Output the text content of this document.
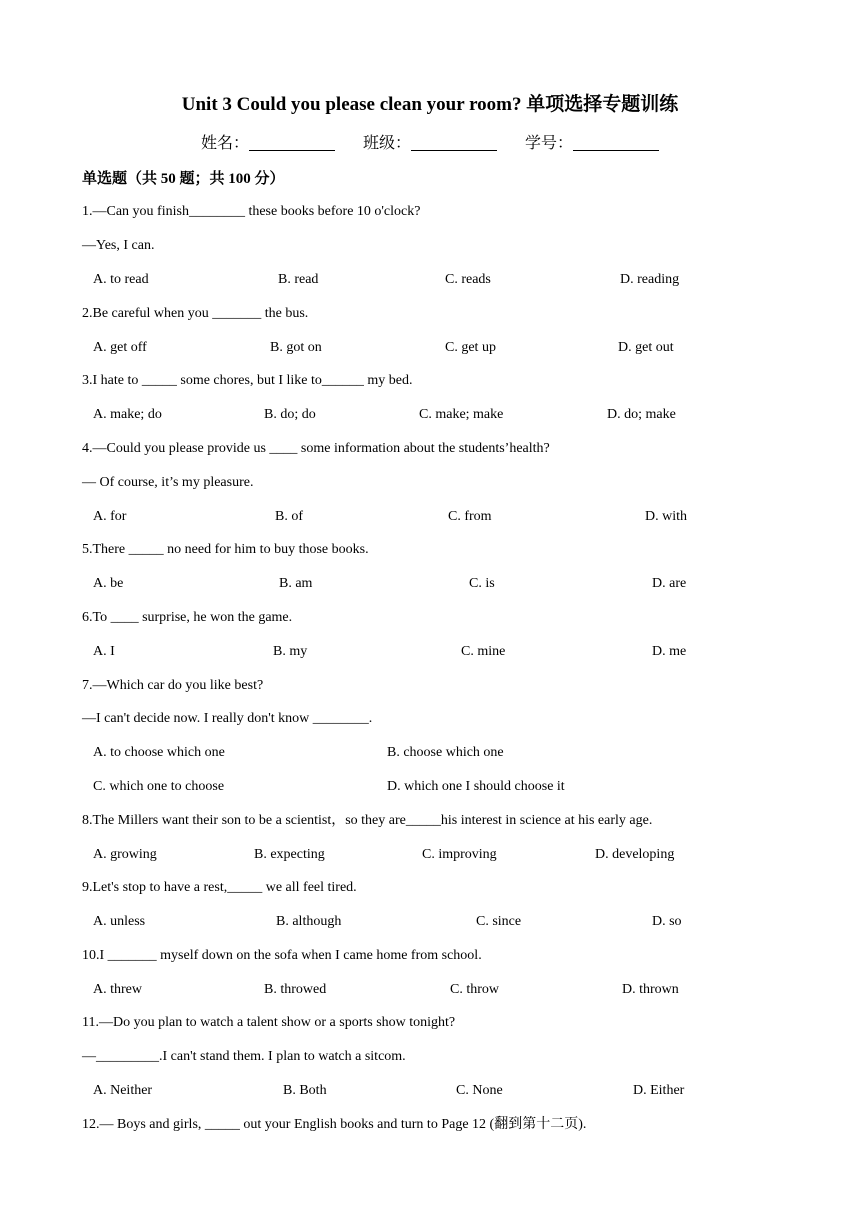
Unit 3 Could you please clean your room? 单项选择专题训练
姓名：	班级：	学号：
单选题（共 50 题；共 100 分）
1.—Can you finish________ these books before 10 o'clock?
—Yes, I can.
A. to read	B. read	C. reads	D. reading
2.Be careful when you _______ the bus.
A. get off	B. got on	C. get up	D. get out
3.I hate to _____ some chores, but I like to______ my bed.
A. make; do	B. do; do	C. make; make	D. do; make
4.—Could you please provide us ____ some information about the students’health?
— Of course, it’s my pleasure.
A. for	B. of	C. from	D. with
5.There _____ no need for him to buy those books.
A. be	B. am	C. is	D. are
6.To ____ surprise, he won the game.
A. I	B. my	C. mine	D. me
7.—Which car do you like best?
—I can't decide now. I really don't know ________.
A. to choose which one	B. choose which one
C. which one to choose	D. which one I should choose it
8.The Millers want their son to be a scientist，so they are_____his interest in science at his early age.
A. growing	B. expecting	C. improving	D. developing
9.Let's stop to have a rest,_____ we all feel tired.
A. unless	B. although	C. since	D. so
10.I _______ myself down on the sofa when I came home from school.
A. threw	B. throwed	C. throw	D. thrown
11.—Do you plan to watch a talent show or a sports show tonight?
—_________.I can't stand them. I plan to watch a sitcom.
A. Neither	B. Both	C. None	D. Either
12.— Boys and girls, _____ out your English books and turn to Page 12 (翻到第十二页).
